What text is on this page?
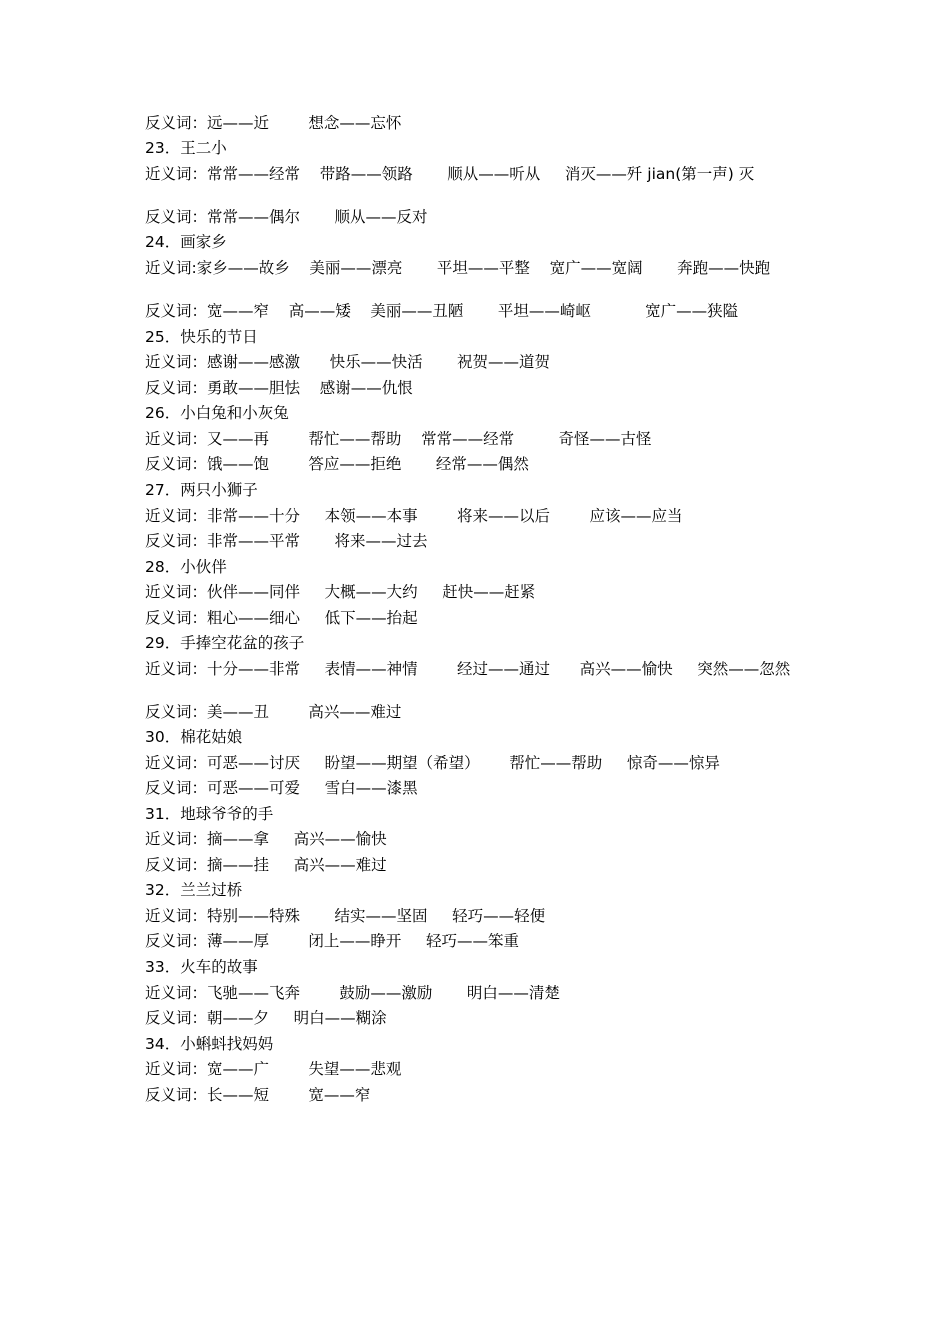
反义词：远——近        想念——忘怀
23．王二小
近义词：常常——经常    带路——领路       顺从——听从     消灭——歼 jian(第一声) 灭
反义词：常常——偶尔       顺从——反对
24．画家乡
近义词:家乡——故乡    美丽——漂亮       平坦——平整    宽广——宽阔       奔跑——快跑
反义词：宽——窄    高——矮    美丽——丑陋       平坦——崎岖           宽广——狭隘
25．快乐的节日
近义词：感谢——感激      快乐——快活       祝贺——道贺
反义词：勇敢——胆怯    感谢——仇恨
26．小白兔和小灰兔
近义词：又——再        帮忙——帮助    常常——经常         奇怪——古怪
反义词：饿——饱        答应——拒绝       经常——偶然
27．两只小狮子
近义词：非常——十分     本领——本事        将来——以后        应该——应当
反义词：非常——平常       将来——过去
28．小伙伴
近义词：伙伴——同伴     大概——大约     赶快——赶紧
反义词：粗心——细心     低下——抬起
29．手捧空花盆的孩子
近义词：十分——非常     表情——神情        经过——通过      高兴——愉快     突然——忽然
反义词：美——丑        高兴——难过
30．棉花姑娘
近义词：可恶——讨厌     盼望——期望（希望）      帮忙——帮助     惊奇——惊异
反义词：可恶——可爱     雪白——漆黑
31．地球爷爷的手
近义词：摘——拿     高兴——愉快
反义词：摘——挂     高兴——难过
32．兰兰过桥
近义词：特别——特殊       结实——坚固     轻巧——轻便
反义词：薄——厚        闭上——睁开     轻巧——笨重
33．火车的故事
近义词：飞驰——飞奔        鼓励——激励       明白——清楚
反义词：朝——夕     明白——糊涂
34．小蝌蚪找妈妈
近义词：宽——广        失望——悲观
反义词：长——短        宽——窄
